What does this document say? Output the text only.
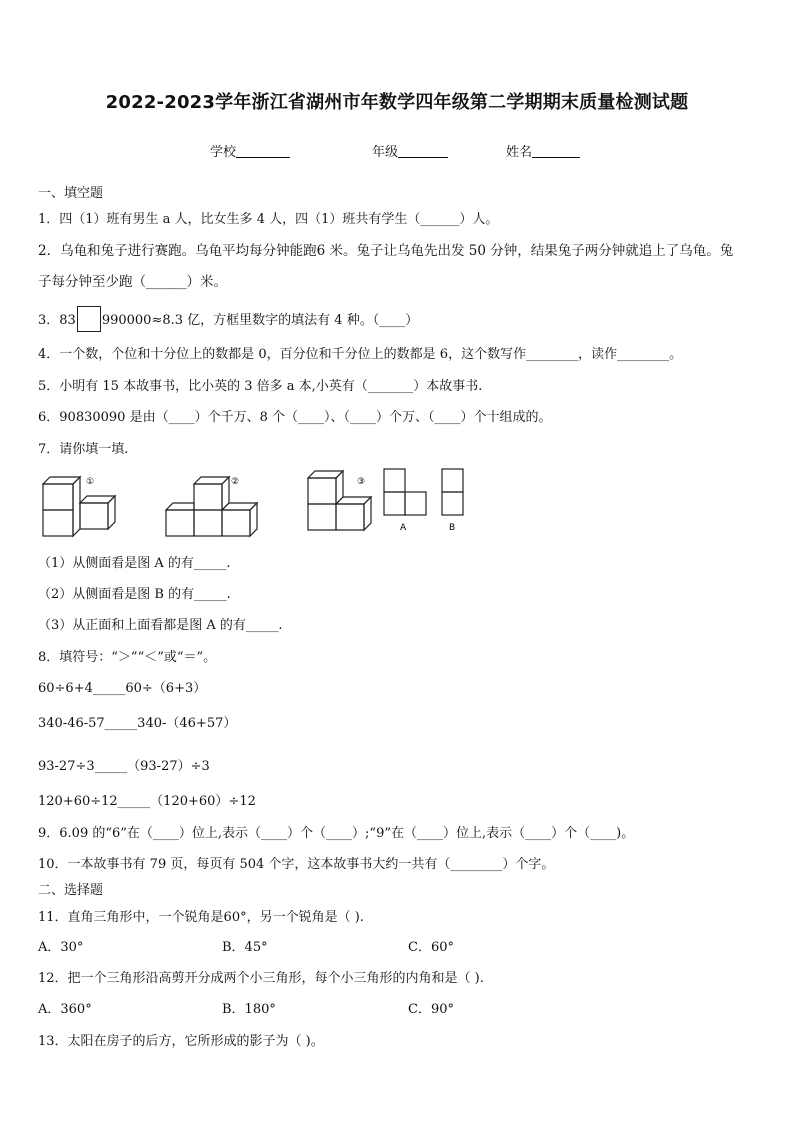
2022-2023学年浙江省湖州市年数学四年级第二学期期末质量检测试题
学校	年级	姓名
一、填空题
1．四（1）班有男生 a 人，比女生多 4 人，四（1）班共有学生（______）人。
2．乌龟和兔子进行赛跑。乌龟平均每分钟能跑6 米。兔子让乌龟先出发 50 分钟，结果兔子两分钟就追上了乌龟。兔
子每分钟至少跑（______）米。
3．83 990000≈8.3 亿，方框里数字的填法有 4 种。（____）
4．一个数，个位和十分位上的数都是 0，百分位和千分位上的数都是 6，这个数写作________，读作________。
5．小明有 15 本故事书，比小英的 3 倍多 a 本,小英有（_______）本故事书.
6．90830090 是由（____）个千万、8 个（____）、（____）个万、（____）个十组成的。
7．请你填一填.
①	②	③
A	B
（1）从侧面看是图 A 的有_____.
（2）从侧面看是图 B 的有_____.
（3）从正面和上面看都是图 A 的有_____.
8．填符号：“＞”“＜”或“＝”。
60÷6+4_____60÷（6+3）
340-46-57_____340-（46+57）
93-27÷3_____（93-27）÷3
120+60÷12_____（120+60）÷12
9．6.09 的“6”在（____）位上,表示（____）个（____）;“9”在（____）位上,表示（____）个（____)。
10．一本故事书有 79 页，每页有 504 个字，这本故事书大约一共有（________）个字。
二、选择题
11．直角三角形中，一个锐角是60°，另一个锐角是（ ).
A．30°	B．45°	C．60°
12．把一个三角形沿高剪开分成两个小三角形，每个小三角形的内角和是（ ).
A．360°	B．180°	C．90°
13．太阳在房子的后方，它所形成的影子为（ )。
